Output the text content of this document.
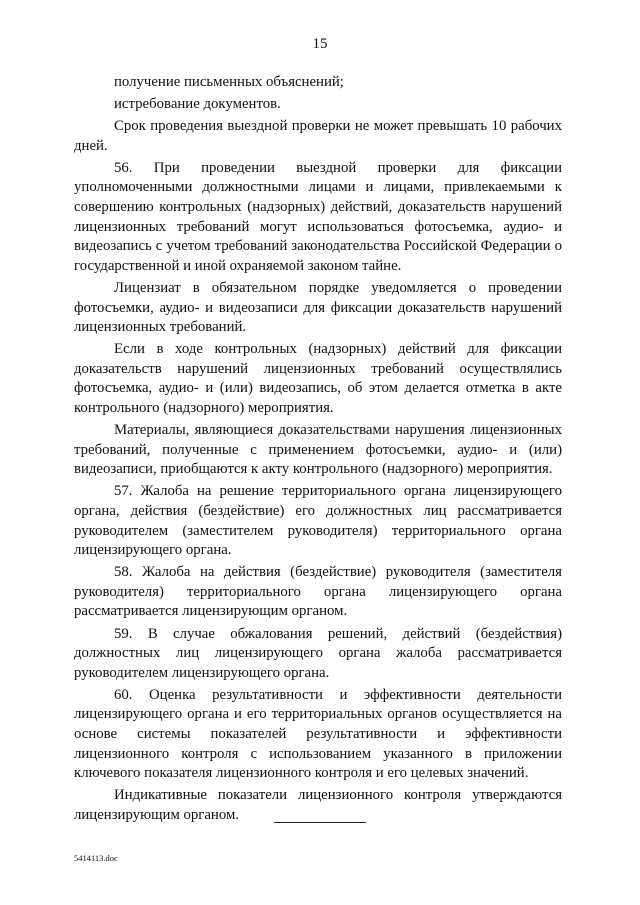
15

получение письменных объяснений;

истребование документов.

Срок проведения выездной проверки не может превышать 10 рабочих дней.

56. При проведении выездной проверки для фиксации уполномоченными должностными лицами и лицами, привлекаемыми к совершению контрольных (надзорных) действий, доказательств нарушений лицензионных требований могут использоваться фотосъемка, аудио- и видеозапись с учетом требований законодательства Российской Федерации о государственной и иной охраняемой законом тайне.

Лицензиат в обязательном порядке уведомляется о проведении фотосъемки, аудио- и видеозаписи для фиксации доказательств нарушений лицензионных требований.

Если в ходе контрольных (надзорных) действий для фиксации доказательств нарушений лицензионных требований осуществлялись фотосъемка, аудио- и (или) видеозапись, об этом делается отметка в акте контрольного (надзорного) мероприятия.

Материалы, являющиеся доказательствами нарушения лицензионных требований, полученные с применением фотосъемки, аудио- и (или) видеозаписи, приобщаются к акту контрольного (надзорного) мероприятия.

57. Жалоба на решение территориального органа лицензирующего органа, действия (бездействие) его должностных лиц рассматривается руководителем (заместителем руководителя) территориального органа лицензирующего органа.

58. Жалоба на действия (бездействие) руководителя (заместителя руководителя) территориального органа лицензирующего органа рассматривается лицензирующим органом.

59. В случае обжалования решений, действий (бездействия) должностных лиц лицензирующего органа жалоба рассматривается руководителем лицензирующего органа.

60. Оценка результативности и эффективности деятельности лицензирующего органа и его территориальных органов осуществляется на основе системы показателей результативности и эффективности лицензионного контроля с использованием указанного в приложении ключевого показателя лицензионного контроля и его целевых значений.

Индикативные показатели лицензионного контроля утверждаются лицензирующим органом.

5414113.doc
